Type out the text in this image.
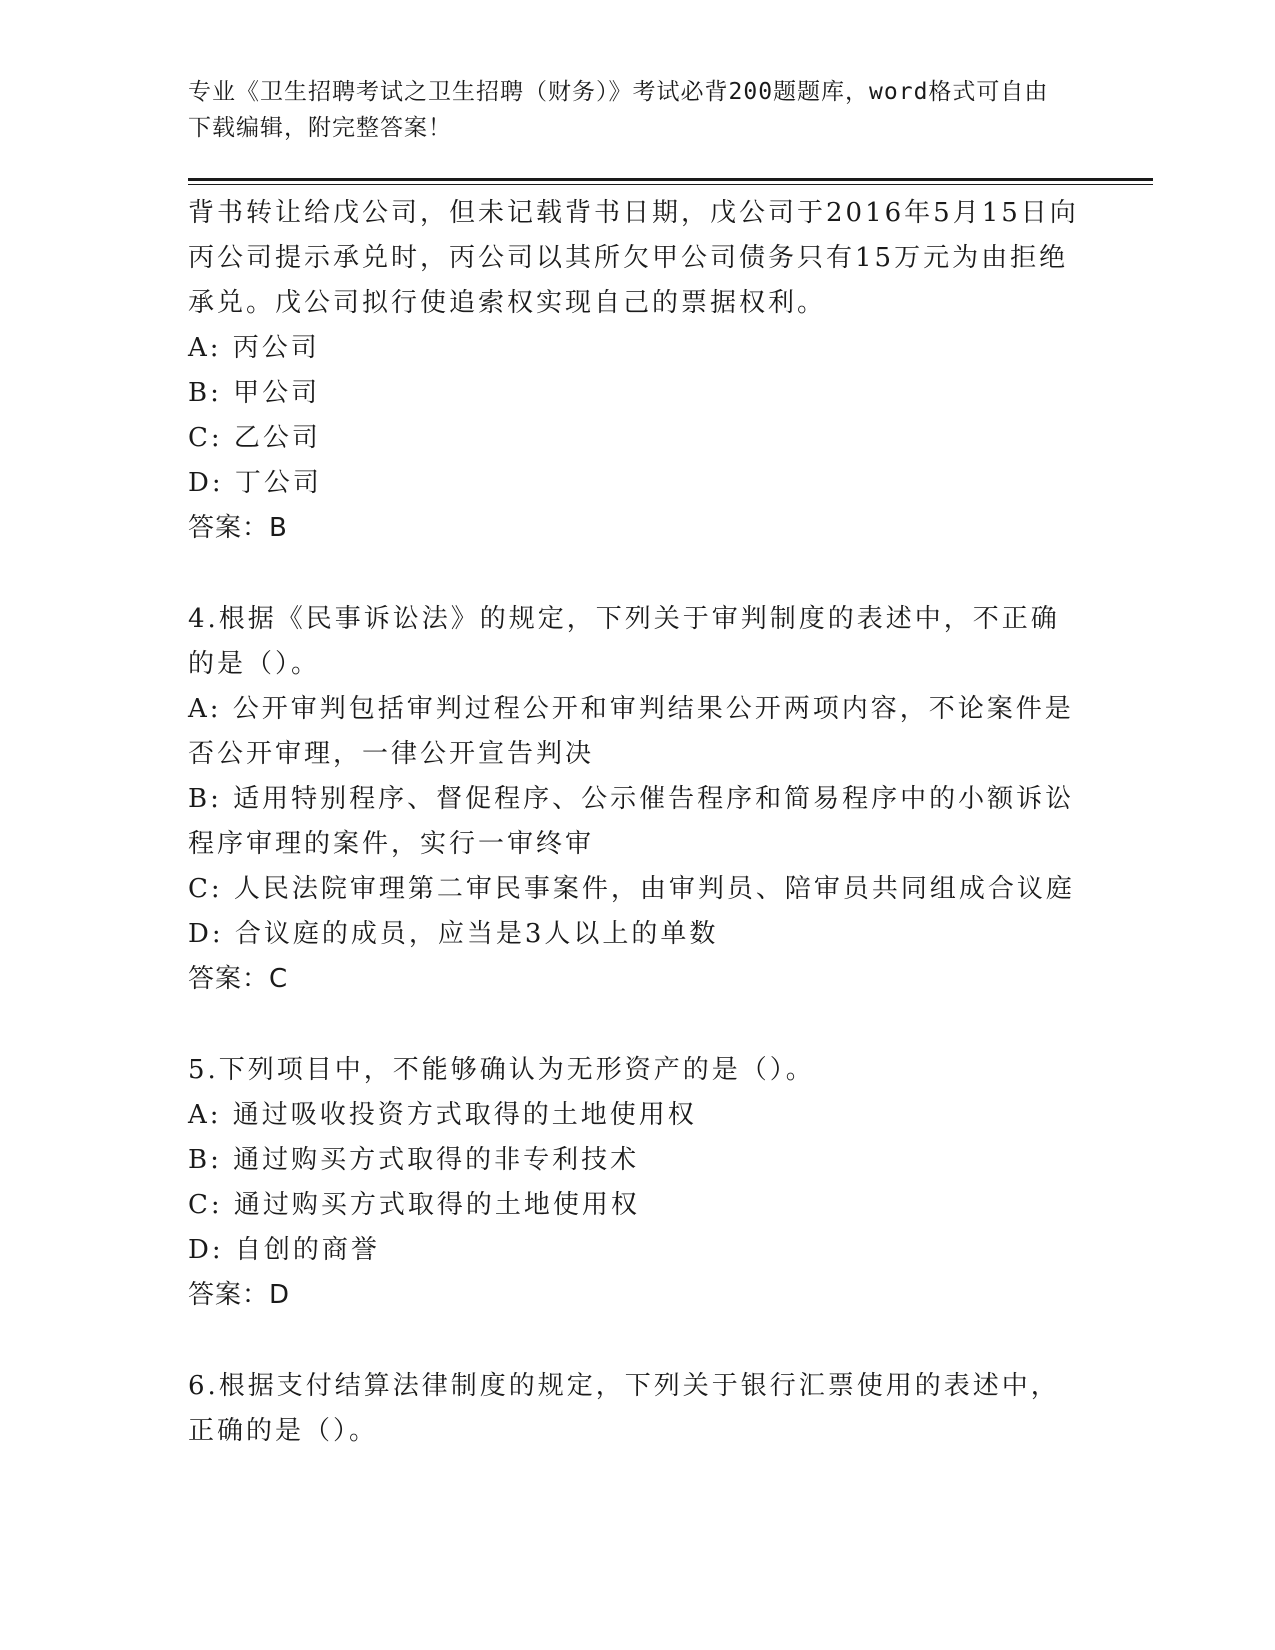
专业《卫生招聘考试之卫生招聘（财务）》考试必背200题题库，word格式可自由下载编辑，附完整答案！

背书转让给戊公司，但未记载背书日期，戊公司于2016年5月15日向丙公司提示承兑时，丙公司以其所欠甲公司债务只有15万元为由拒绝承兑。戊公司拟行使追索权实现自己的票据权利。

A: 丙公司

B: 甲公司

C: 乙公司

D: 丁公司

答案：B

4.根据《民事诉讼法》的规定，下列关于审判制度的表述中，不正确的是（）。

A: 公开审判包括审判过程公开和审判结果公开两项内容，不论案件是否公开审理，一律公开宣告判决

B: 适用特别程序、督促程序、公示催告程序和简易程序中的小额诉讼程序审理的案件，实行一审终审

C: 人民法院审理第二审民事案件，由审判员、陪审员共同组成合议庭

D: 合议庭的成员，应当是3人以上的单数

答案：C

5.下列项目中，不能够确认为无形资产的是（）。

A: 通过吸收投资方式取得的土地使用权

B: 通过购买方式取得的非专利技术

C: 通过购买方式取得的土地使用权

D: 自创的商誉

答案：D

6.根据支付结算法律制度的规定，下列关于银行汇票使用的表述中，正确的是（）。
